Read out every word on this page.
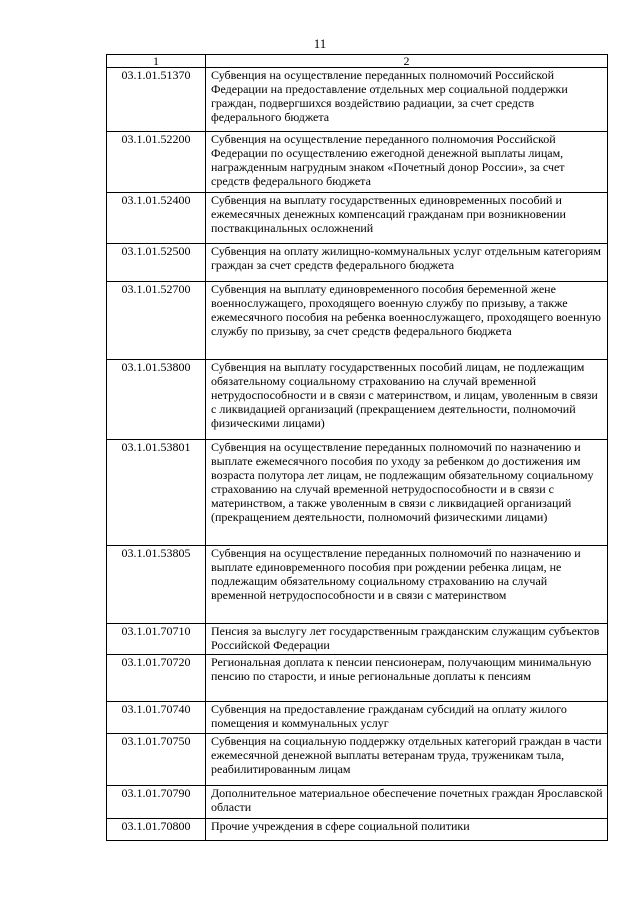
11
1	2
03.1.01.51370	Субвенция на осуществление переданных полномочий Российской Федерации на предоставление отдельных мер социальной поддержки граждан, подвергшихся воздействию радиации, за счет средств федерального бюджета
03.1.01.52200	Субвенция на осуществление переданного полномочия Российской Федерации по осуществлению ежегодной денежной выплаты лицам, награжденным нагрудным знаком «Почетный донор России», за счет средств федерального бюджета
03.1.01.52400	Субвенция на выплату государственных единовременных пособий и ежемесячных денежных компенсаций гражданам при возникновении поствакцинальных осложнений
03.1.01.52500	Субвенция на оплату жилищно-коммунальных услуг отдельным категориям граждан за счет средств федерального бюджета
03.1.01.52700	Субвенция на выплату единовременного пособия беременной жене военнослужащего, проходящего военную службу по призыву, а также ежемесячного пособия на ребенка военнослужащего, проходящего военную службу по призыву, за счет средств федерального бюджета
03.1.01.53800	Субвенция на выплату государственных пособий лицам, не подлежащим обязательному социальному страхованию на случай временной нетрудоспособности и в связи с материнством, и лицам, уволенным в связи с ликвидацией организаций (прекращением деятельности, полномочий физическими лицами)
03.1.01.53801	Субвенция на осуществление переданных полномочий по назначению и выплате ежемесячного пособия по уходу за ребенком до достижения им возраста полутора лет лицам, не подлежащим обязательному социальному страхованию на случай временной нетрудоспособности и в связи с материнством, а также уволенным в связи с ликвидацией организаций (прекращением деятельности, полномочий физическими лицами)
03.1.01.53805	Субвенция на осуществление переданных полномочий по назначению и выплате единовременного пособия при рождении ребенка лицам, не подлежащим обязательному социальному страхованию на случай временной нетрудоспособности и в связи с материнством
03.1.01.70710	Пенсия за выслугу лет государственным гражданским служащим субъектов Российской Федерации
03.1.01.70720	Региональная доплата к пенсии пенсионерам, получающим минимальную пенсию по старости, и иные региональные доплаты к пенсиям
03.1.01.70740	Субвенция на предоставление гражданам субсидий на оплату жилого помещения и коммунальных услуг
03.1.01.70750	Субвенция на социальную поддержку отдельных категорий граждан в части ежемесячной денежной выплаты ветеранам труда, труженикам тыла, реабилитированным лицам
03.1.01.70790	Дополнительное материальное обеспечение почетных граждан Ярославской области
03.1.01.70800	Прочие учреждения в сфере социальной политики
